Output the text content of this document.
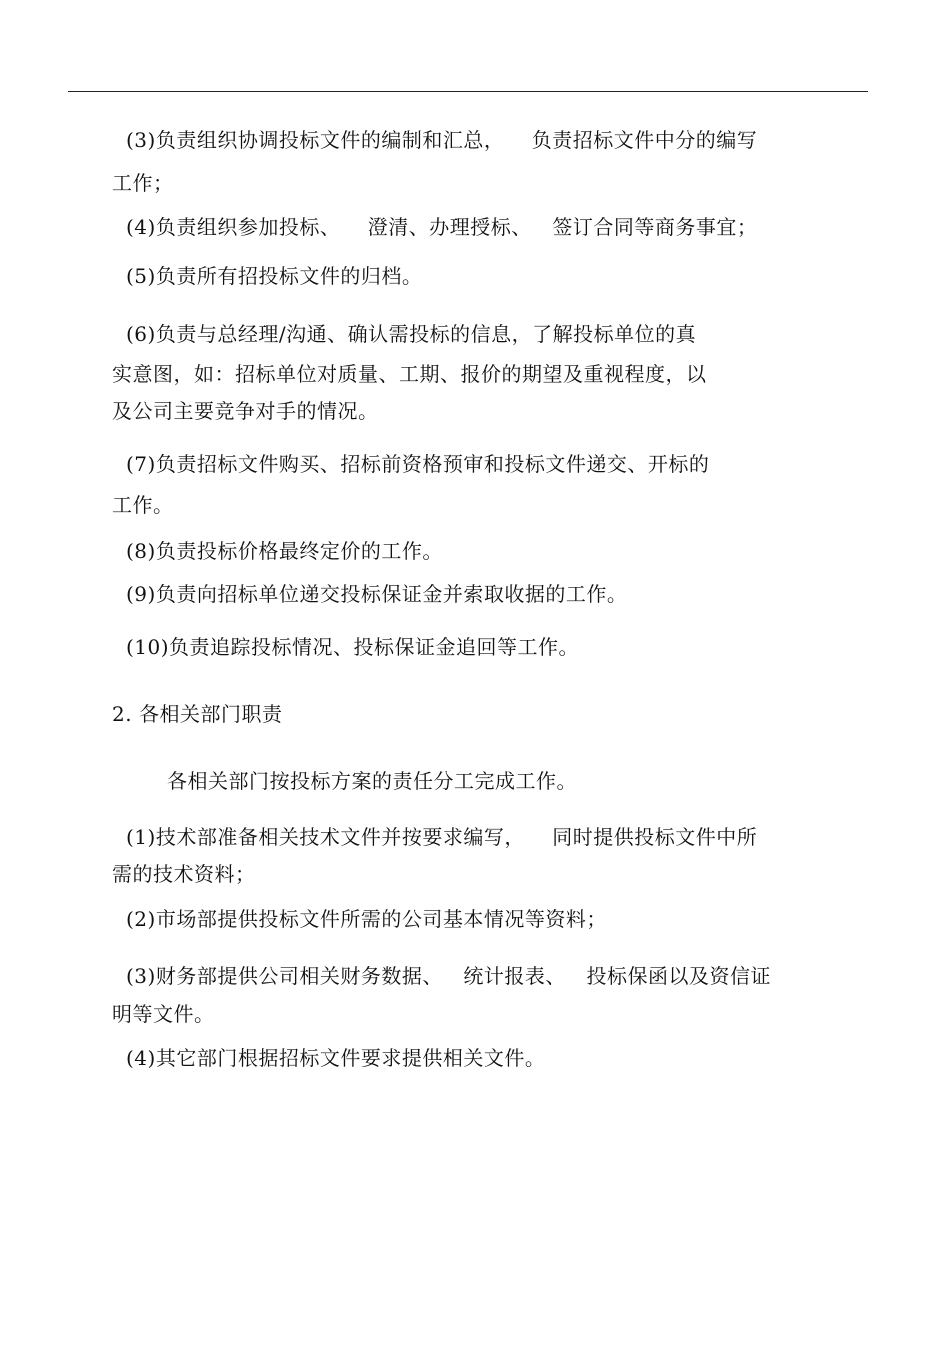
(3)负责组织协调投标文件的编制和汇总，    负责招标文件中分的编写
工作；
(4)负责组织参加投标、    澄清、办理授标、   签订合同等商务事宜；
(5)负责所有招投标文件的归档。
(6)负责与总经理/沟通、确认需投标的信息，了解投标单位的真
实意图，如：招标单位对质量、工期、报价的期望及重视程度，以
及公司主要竞争对手的情况。
(7)负责招标文件购买、招标前资格预审和投标文件递交、开标的
工作。
(8)负责投标价格最终定价的工作。
(9)负责向招标单位递交投标保证金并索取收据的工作。
(10)负责追踪投标情况、投标保证金追回等工作。
2. 各相关部门职责
各相关部门按投标方案的责任分工完成工作。
(1)技术部准备相关技术文件并按要求编写，    同时提供投标文件中所
需的技术资料；
(2)市场部提供投标文件所需的公司基本情况等资料；
(3)财务部提供公司相关财务数据、   统计报表、   投标保函以及资信证
明等文件。
(4)其它部门根据招标文件要求提供相关文件。
